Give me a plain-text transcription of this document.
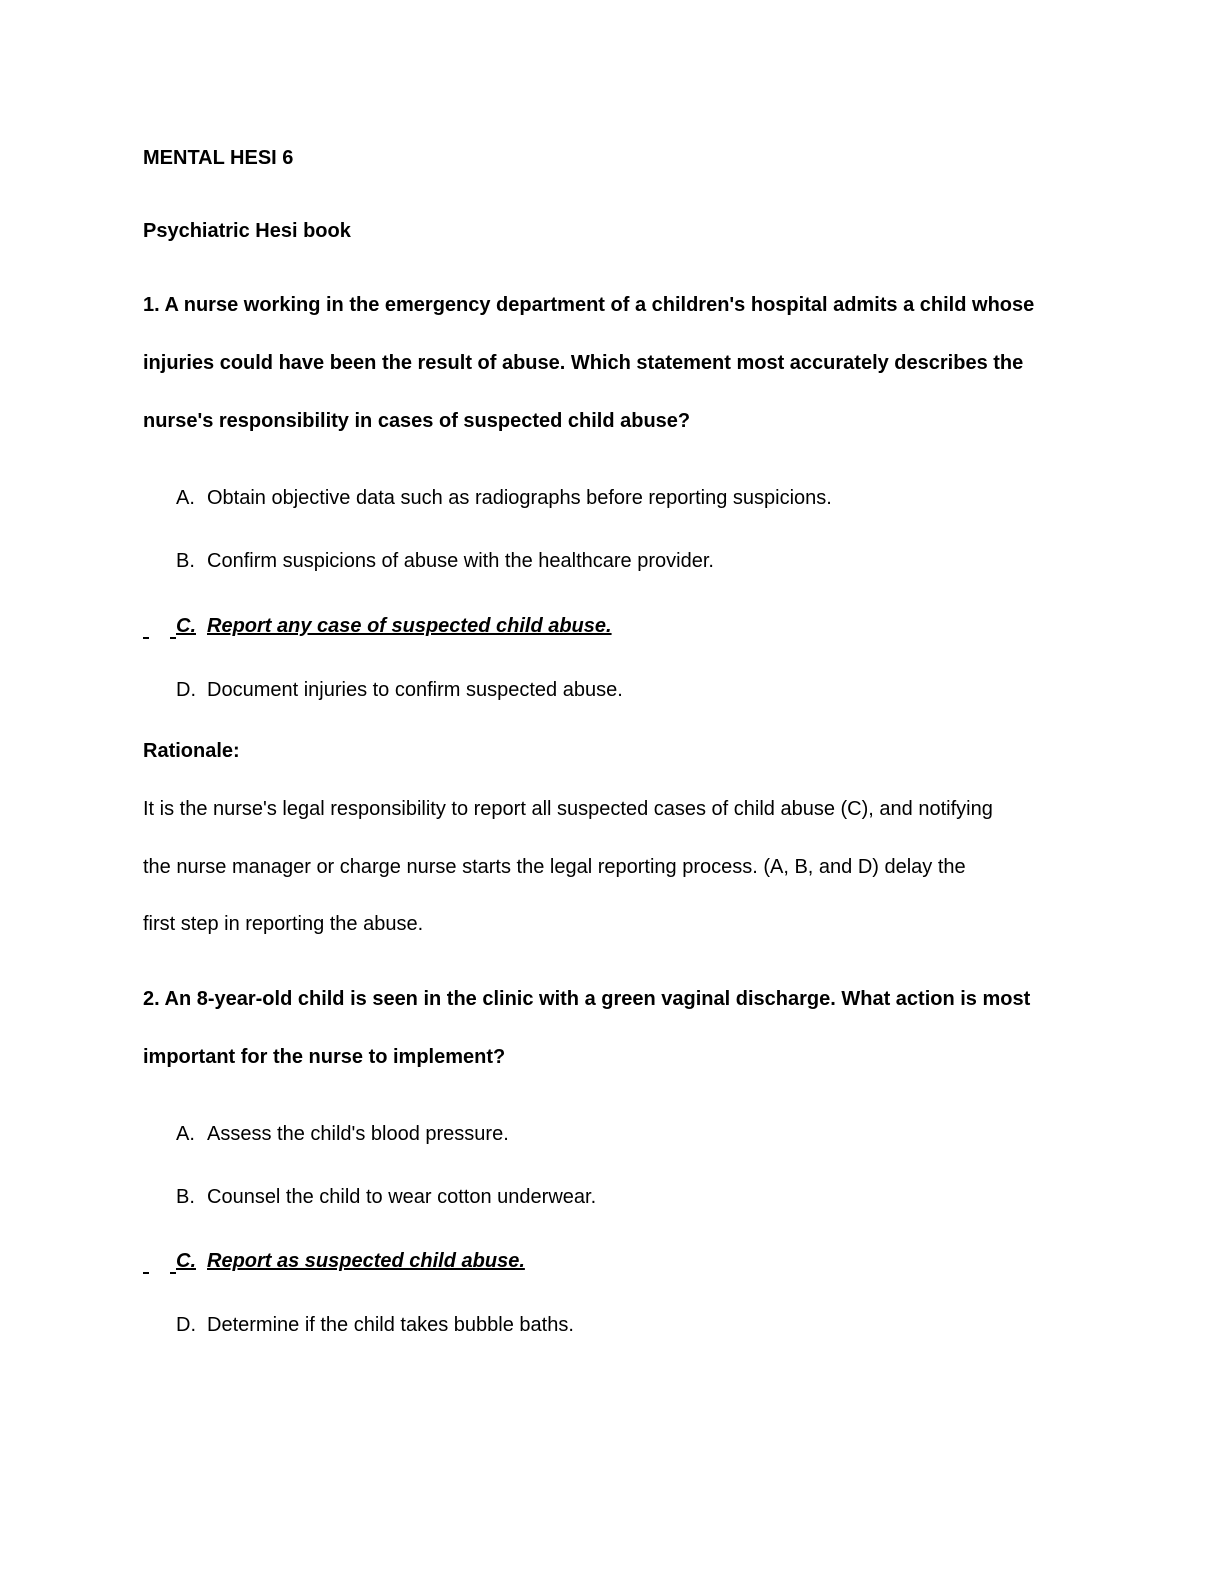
MENTAL HESI 6
Psychiatric Hesi book
1. A nurse working in the emergency department of a children's hospital admits a child whose
injuries could have been the result of abuse. Which statement most accurately describes the
nurse's responsibility in cases of suspected child abuse?
A. Obtain objective data such as radiographs before reporting suspicions.
B. Confirm suspicions of abuse with the healthcare provider.
C. Report any case of suspected child abuse.
D. Document injuries to confirm suspected abuse.
Rationale:
It is the nurse's legal responsibility to report all suspected cases of child abuse (C), and notifying
the nurse manager or charge nurse starts the legal reporting process. (A, B, and D) delay the
first step in reporting the abuse.
2. An 8-year-old child is seen in the clinic with a green vaginal discharge. What action is most
important for the nurse to implement?
A. Assess the child's blood pressure.
B. Counsel the child to wear cotton underwear.
C. Report as suspected child abuse.
D. Determine if the child takes bubble baths.
